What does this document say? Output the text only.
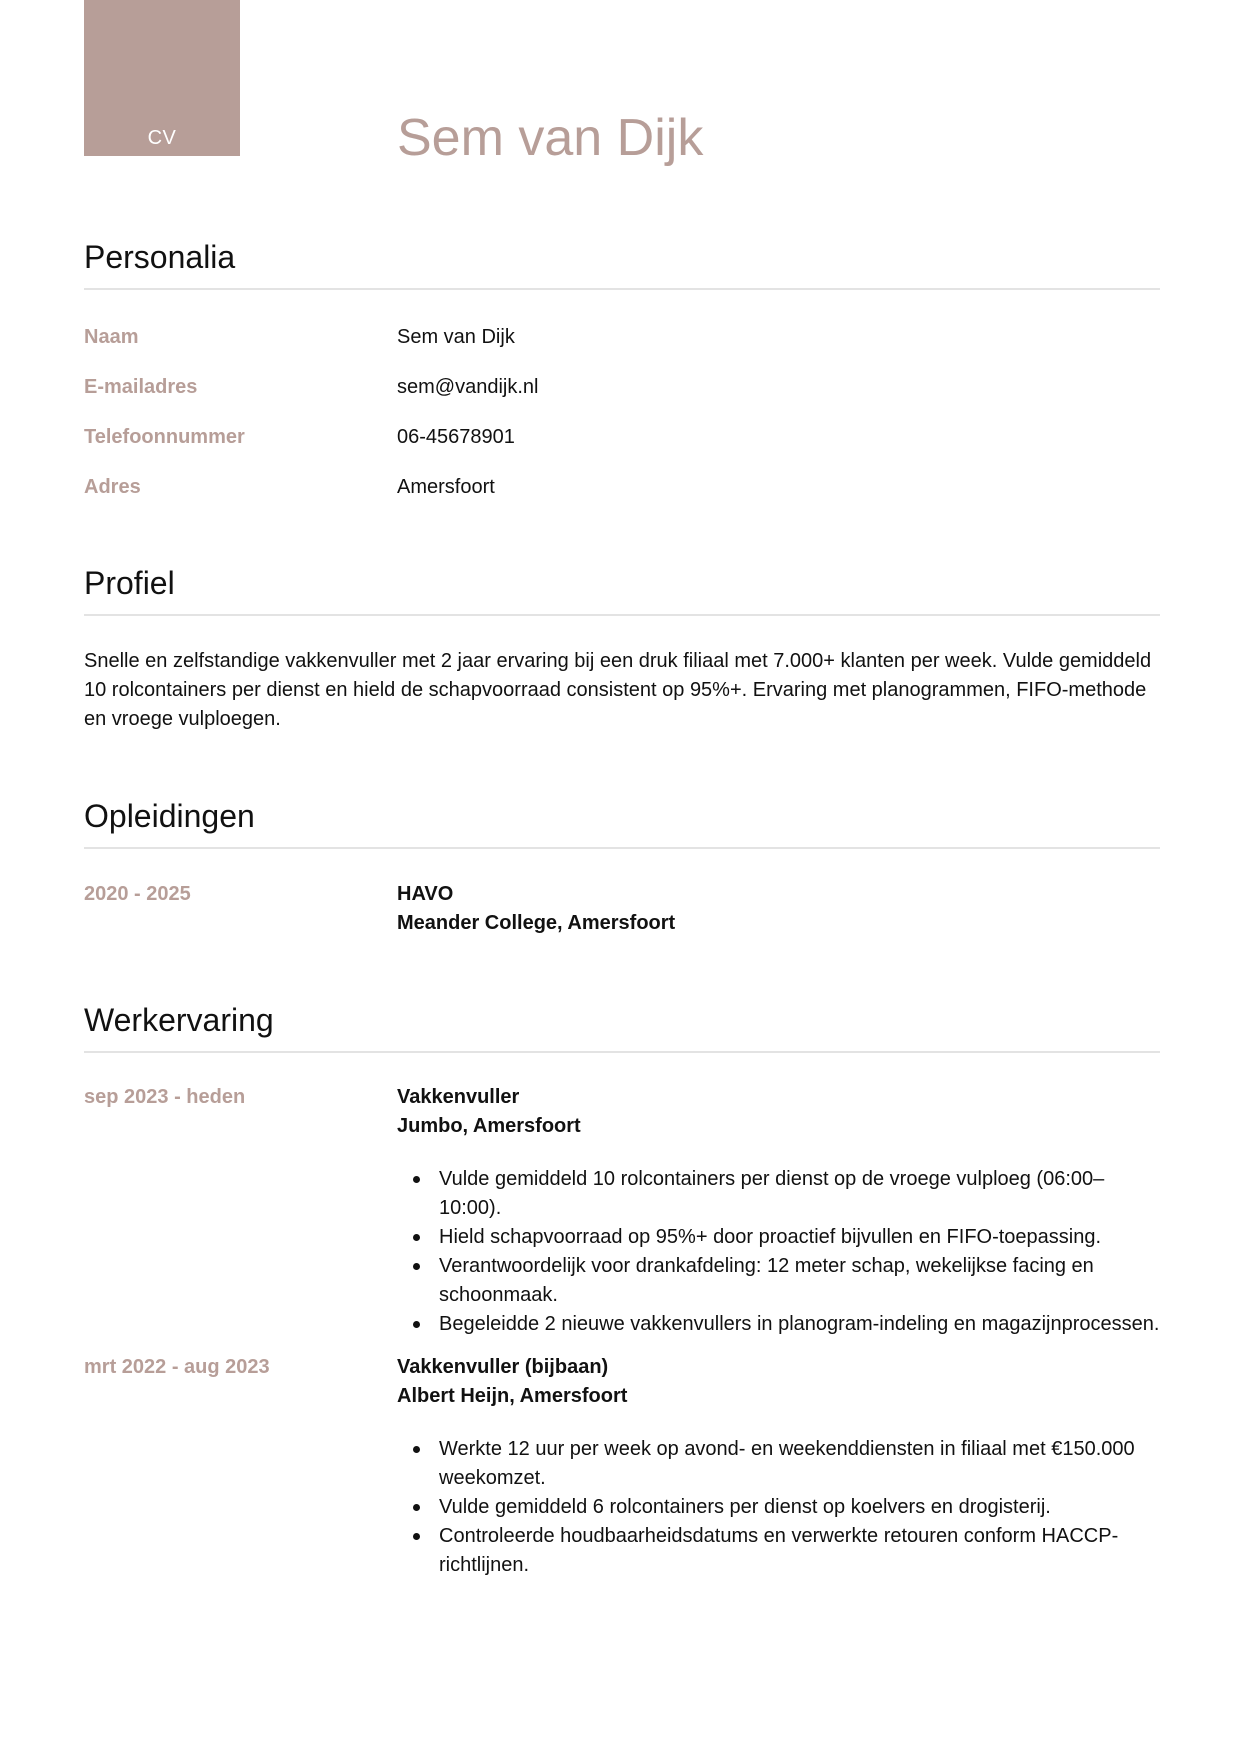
CV	Sem van Dijk
Personalia
Naam	Sem van Dijk
E-mailadres	sem@vandijk.nl
Telefoonnummer	06-45678901
Adres	Amersfoort
Profiel

Snelle en zelfstandige vakkenvuller met 2 jaar ervaring bij een druk filiaal met 7.000+ klanten per week. Vulde gemiddeld 10 rolcontainers per dienst en hield de schapvoorraad consistent op 95%+. Ervaring met planogrammen, FIFO-methode en vroege vulploegen.

Opleidingen
2020 - 2025	HAVO
Meander College, Amersfoort
Werkervaring
sep 2023 - heden	Vakkenvuller
Jumbo, Amersfoort
Vulde gemiddeld 10 rolcontainers per dienst op de vroege vulploeg (06:00–10:00).
Hield schapvoorraad op 95%+ door proactief bijvullen en FIFO-toepassing.
Verantwoordelijk voor drankafdeling: 12 meter schap, wekelijkse facing en schoonmaak.
Begeleidde 2 nieuwe vakkenvullers in planogram-indeling en magazijnprocessen.
mrt 2022 - aug 2023	Vakkenvuller (bijbaan)
Albert Heijn, Amersfoort
Werkte 12 uur per week op avond- en weekenddiensten in filiaal met €150.000 weekomzet.
Vulde gemiddeld 6 rolcontainers per dienst op koelvers en drogisterij.
Controleerde houdbaarheidsdatums en verwerkte retouren conform HACCP-richtlijnen.
